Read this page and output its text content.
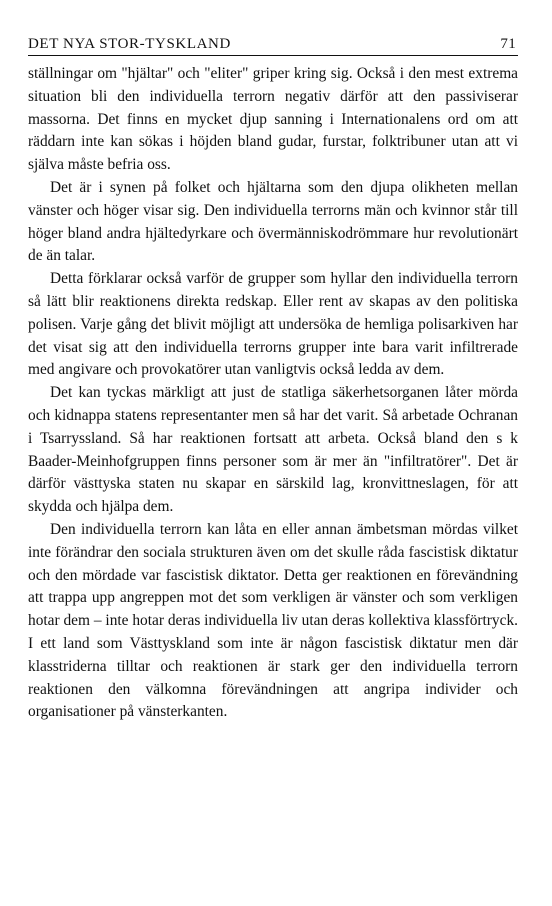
DET NYA STOR-TYSKLAND	71

ställningar om "hjältar" och "eliter" griper kring sig. Också i den mest extrema situation bli den individuella terrorn negativ därför att den passiviserar massorna. Det finns en mycket djup sanning i Internationalens ord om att räddarn inte kan sökas i höjden bland gudar, furstar, folktribuner utan att vi själva måste befria oss.

Det är i synen på folket och hjältarna som den djupa olikheten mellan vänster och höger visar sig. Den individuella terrorns män och kvinnor står till höger bland andra hjältedyrkare och övermänniskodrömmare hur revolutionärt de än talar.

Detta förklarar också varför de grupper som hyllar den individuella terrorn så lätt blir reaktionens direkta redskap. Eller rent av skapas av den politiska polisen. Varje gång det blivit möjligt att undersöka de hemliga polisarkiven har det visat sig att den individuella terrorns grupper inte bara varit infiltrerade med angivare och provokatörer utan vanligtvis också ledda av dem.

Det kan tyckas märkligt att just de statliga säkerhetsorganen låter mörda och kidnappa statens representanter men så har det varit. Så arbetade Ochranan i Tsarryssland. Så har reaktionen fortsatt att arbeta. Också bland den s k Baader-Meinhofgruppen finns personer som är mer än "infiltratörer". Det är därför västtyska staten nu skapar en särskild lag, kronvittneslagen, för att skydda och hjälpa dem.

Den individuella terrorn kan låta en eller annan ämbetsman mördas vilket inte förändrar den sociala strukturen även om det skulle råda fascistisk diktatur och den mördade var fascistisk diktator. Detta ger reaktionen en förevändning att trappa upp angreppen mot det som verkligen är vänster och som verkligen hotar dem – inte hotar deras individuella liv utan deras kollektiva klassförtryck. I ett land som Västtyskland som inte är någon fascistisk diktatur men där klasstriderna tilltar och reaktionen är stark ger den individuella terrorn reaktionen den välkomna förevändningen att angripa individer och organisationer på vänsterkanten.
